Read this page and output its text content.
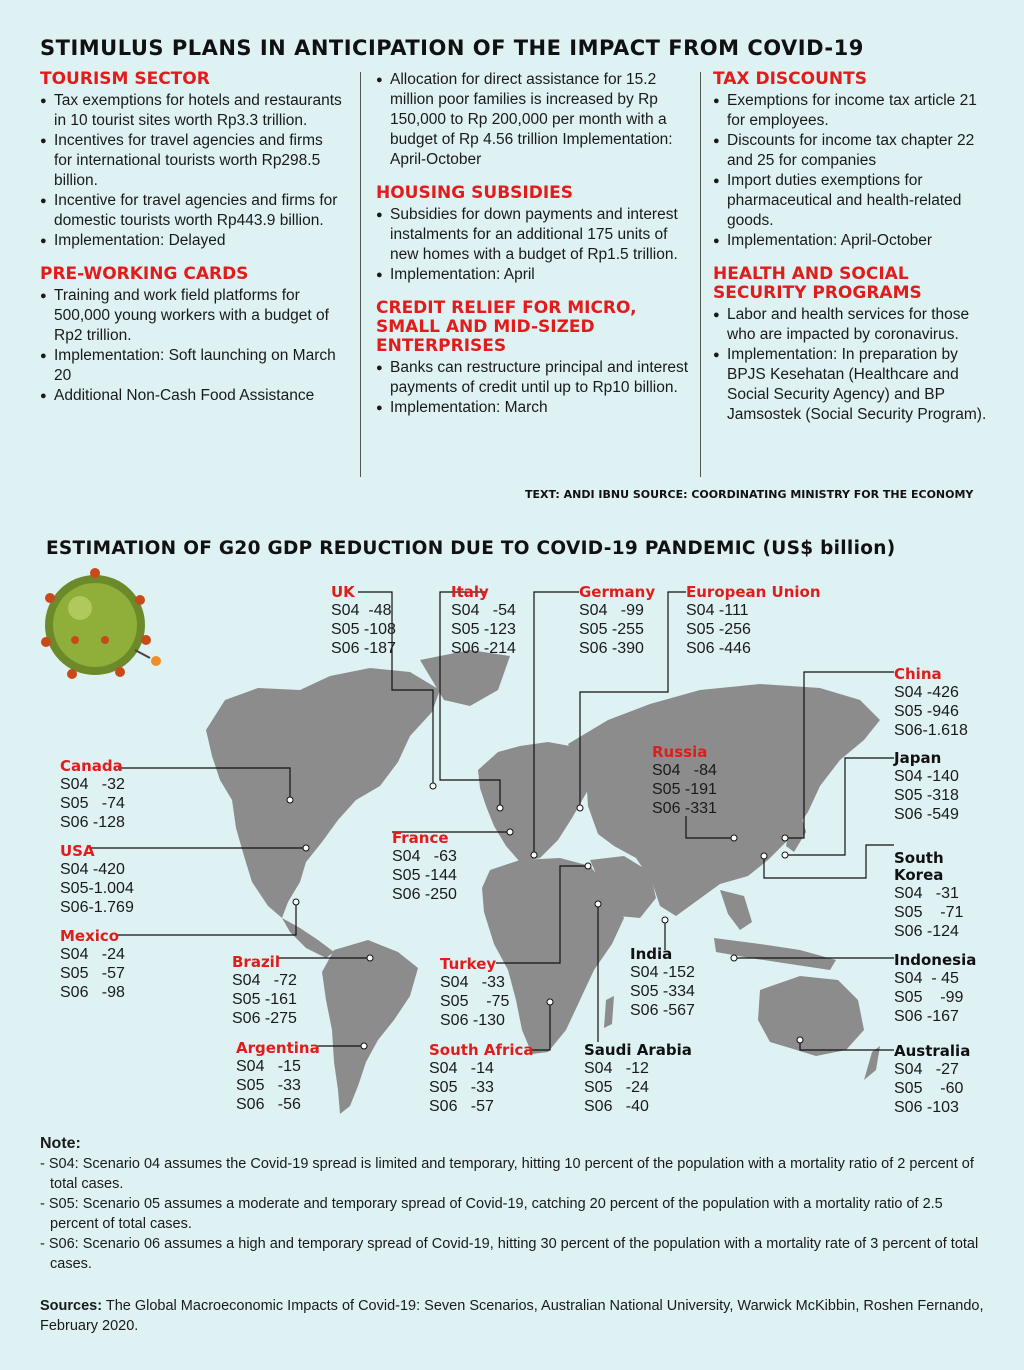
STIMULUS PLANS IN ANTICIPATION OF THE IMPACT FROM COVID-19
TOURISM SECTOR
● Tax exemptions for hotels and restaurants in 10 tourist sites worth Rp3.3 trillion.
● Incentives for travel agencies and firms for international tourists worth Rp298.5 billion.
● Incentive for travel agencies and firms for domestic tourists worth Rp443.9 billion.
● Implementation: Delayed
PRE-WORKING CARDS
● Training and work field platforms for 500,000 young workers with a budget of Rp2 trillion.
● Implementation: Soft launching on March 20
● Additional Non-Cash Food Assistance
● Allocation for direct assistance for 15.2 million poor families is increased by Rp 150,000 to Rp 200,000 per month with a budget of Rp 4.56 trillion Implementation: April-October
HOUSING SUBSIDIES
● Subsidies for down payments and interest instalments for an additional 175 units of new homes with a budget of Rp1.5 trillion.
● Implementation: April
CREDIT RELIEF FOR MICRO, SMALL AND MID-SIZED ENTERPRISES
● Banks can restructure principal and interest payments of credit until up to Rp10 billion.
● Implementation: March
TAX DISCOUNTS
● Exemptions for income tax article 21 for employees.
● Discounts for income tax chapter 22 and 25 for companies
● Import duties exemptions for pharmaceutical and health-related goods.
● Implementation: April-October
HEALTH AND SOCIAL SECURITY PROGRAMS
● Labor and health services for those who are impacted by coronavirus.
● Implementation: In preparation by BPJS Kesehatan (Healthcare and Social Security Agency) and BP Jamsostek (Social Security Program).
TEXT: ANDI IBNU SOURCE: COORDINATING MINISTRY FOR THE ECONOMY
ESTIMATION OF G20 GDP REDUCTION DUE TO COVID-19 PANDEMIC (US$ billion)
UK
S04  -48
S05 -108
S06 -187
Italy
S04   -54
S05 -123
S06 -214
Germany
S04   -99
S05 -255
S06 -390
European Union
S04 -111
S05 -256
S06 -446
China
S04 -426
S05 -946
S06-1.618
Russia
S04   -84
S05 -191
S06 -331
Japan
S04 -140
S05 -318
S06 -549
Canada
S04   -32
S05   -74
S06 -128
USA
S04 -420
S05-1.004
S06-1.769
France
S04   -63
S05 -144
S06 -250
South Korea
S04   -31
S05    -71
S06 -124
Mexico
S04   -24
S05   -57
S06   -98
Brazil
S04   -72
S05 -161
S06 -275
Turkey
S04   -33
S05    -75
S06 -130
India
S04 -152
S05 -334
S06 -567
Indonesia
S04  - 45
S05    -99
S06 -167
Argentina
S04   -15
S05   -33
S06   -56
South Africa
S04   -14
S05   -33
S06   -57
Saudi Arabia
S04   -12
S05   -24
S06   -40
Australia
S04   -27
S05    -60
S06 -103
Note:
- S04: Scenario 04 assumes the Covid-19 spread is limited and temporary, hitting 10 percent of the population with a mortality ratio of 2 percent of total cases.
- S05: Scenario 05 assumes a moderate and temporary spread of Covid-19, catching 20 percent of the population with a mortality ratio of 2.5 percent of total cases.
- S06: Scenario 06 assumes a high and temporary spread of Covid-19, hitting 30 percent of the population with a mortality rate of 3 percent of total cases.
Sources: The Global Macroeconomic Impacts of Covid-19: Seven Scenarios, Australian National University, Warwick McKibbin, Roshen Fernando, February 2020.
